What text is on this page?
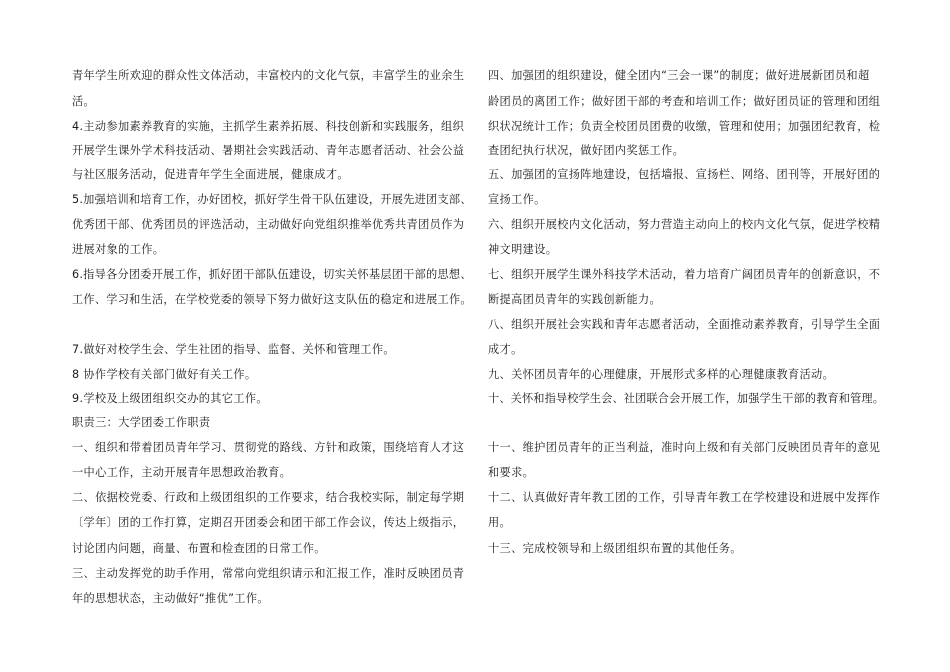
青年学生所欢迎的群众性文体活动，丰富校内的文化气氛，丰富学生的业余生
活。
4.主动参加素养教育的实施，主抓学生素养拓展、科技创新和实践服务，组织
开展学生课外学术科技活动、暑期社会实践活动、青年志愿者活动、社会公益
与社区服务活动，促进青年学生全面进展，健康成才。
5.加强培训和培育工作，办好团校，抓好学生骨干队伍建设，开展先进团支部、
优秀团干部、优秀团员的评选活动，主动做好向党组织推举优秀共青团员作为
进展对象的工作。
6.指导各分团委开展工作，抓好团干部队伍建设，切实关怀基层团干部的思想、
工作、学习和生活，在学校党委的领导下努力做好这支队伍的稳定和进展工作。
7.做好对校学生会、学生社团的指导、监督、关怀和管理工作。
8 协作学校有关部门做好有关工作。
9.学校及上级团组织交办的其它工作。
职责三：大学团委工作职责
一、组织和带着团员青年学习、贯彻党的路线、方针和政策，围绕培育人才这
一中心工作，主动开展青年思想政治教育。
二、依据校党委、行政和上级团组织的工作要求，结合我校实际，制定每学期
〔学年〕团的工作打算，定期召开团委会和团干部工作会议，传达上级指示，
讨论团内问题，商量、布置和检查团的日常工作。
三、主动发挥党的助手作用，常常向党组织请示和汇报工作，准时反映团员青
年的思想状态，主动做好“推优”工作。
四、加强团的组织建设，健全团内“三会一课”的制度；做好进展新团员和超
龄团员的离团工作；做好团干部的考查和培训工作；做好团员证的管理和团组
织状况统计工作；负责全校团员团费的收缴，管理和使用；加强团纪教育，检
查团纪执行状况，做好团内奖惩工作。
五、加强团的宣扬阵地建设，包括墙报、宣扬栏、网络、团刊等，开展好团的
宣扬工作。
六、组织开展校内文化活动，努力营造主动向上的校内文化气氛，促进学校精
神文明建设。
七、组织开展学生课外科技学术活动，着力培育广阔团员青年的创新意识，不
断提高团员青年的实践创新能力。
八、组织开展社会实践和青年志愿者活动，全面推动素养教育，引导学生全面
成才。
九、关怀团员青年的心理健康，开展形式多样的心理健康教育活动。
十、关怀和指导校学生会、社团联合会开展工作，加强学生干部的教育和管理。
十一、维护团员青年的正当利益，准时向上级和有关部门反映团员青年的意见
和要求。
十二、认真做好青年教工团的工作，引导青年教工在学校建设和进展中发挥作
用。
十三、完成校领导和上级团组织布置的其他任务。
